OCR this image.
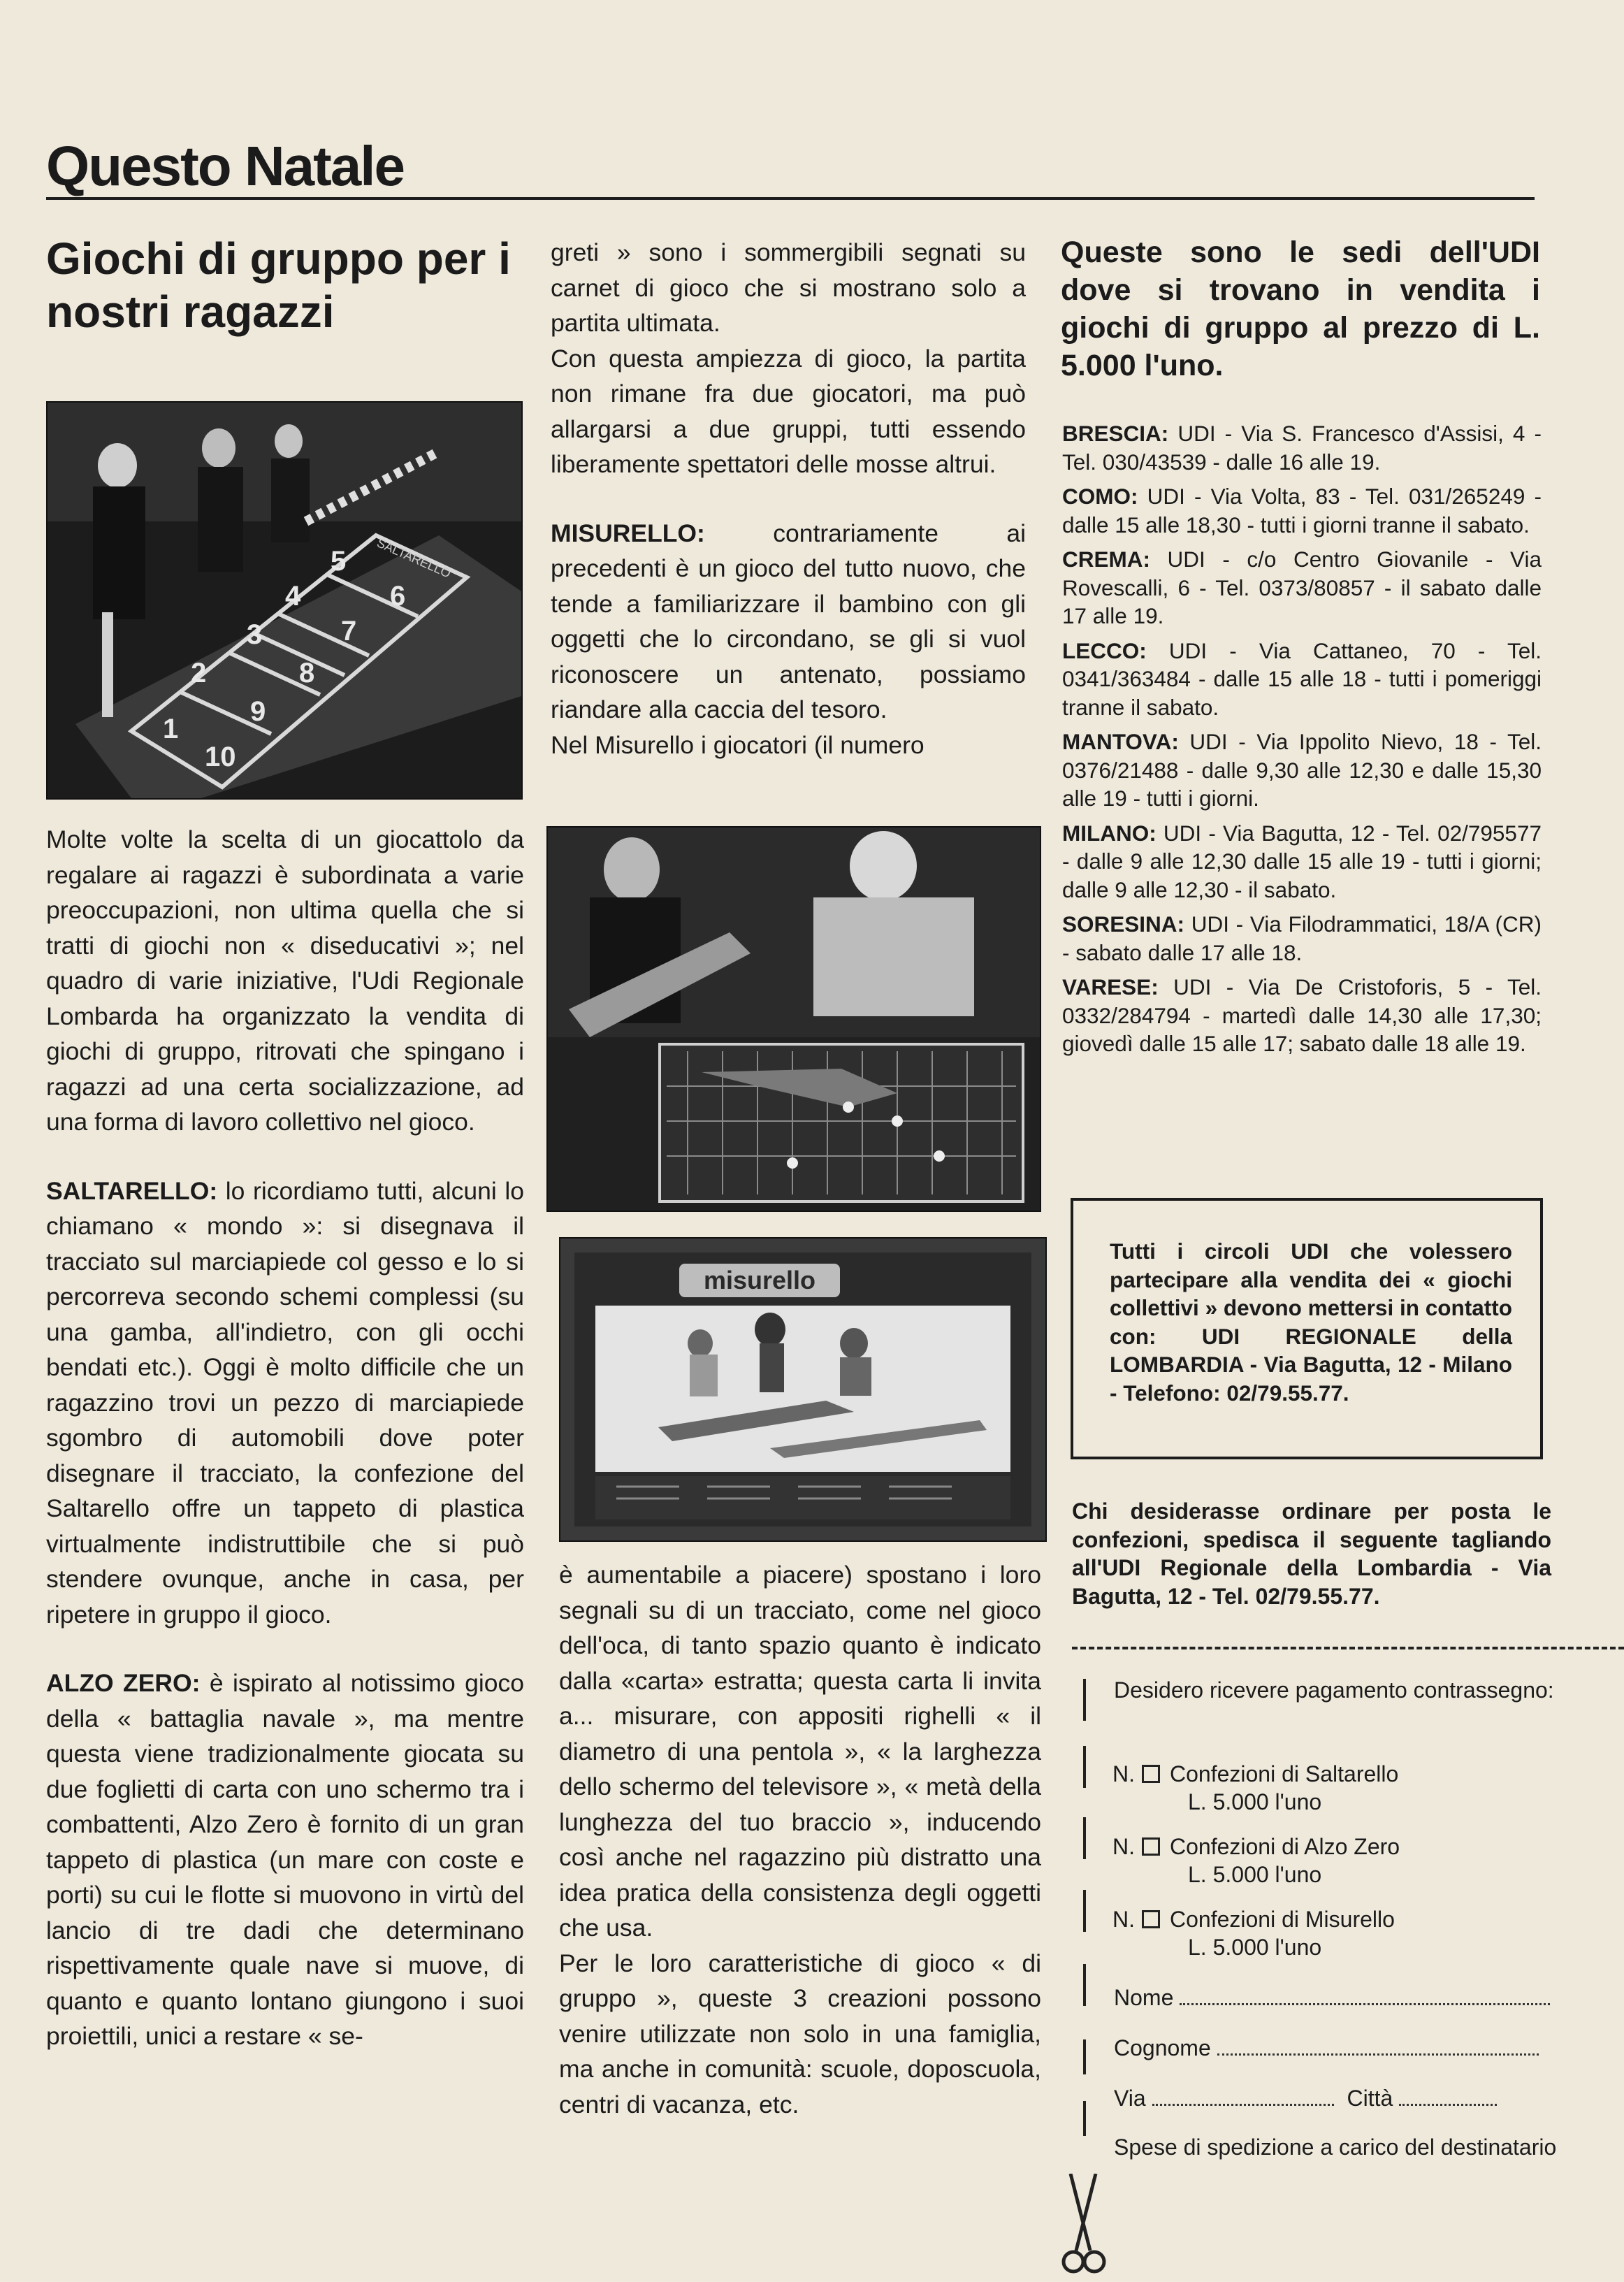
Questo Natale
Giochi di gruppo per i nostri ragazzi
1
2
3
4
5
6
7
8
9
10
SALTARELLO
misurello

Molte volte la scelta di un giocattolo da regalare ai ragazzi è subordinata a varie preoccupazioni, non ultima quella che si tratti di giochi non « diseducativi »; nel quadro di varie iniziative, l'Udi Regionale Lombarda ha organizzato la vendita di giochi di gruppo, ritrovati che spingano i ragazzi ad una certa socializzazione, ad una forma di lavoro collettivo nel gioco.

SALTARELLO: lo ricordiamo tutti, alcuni lo chiamano « mondo »: si disegnava il tracciato sul marciapiede col gesso e lo si percorreva secondo schemi complessi (su una gamba, all'indietro, con gli occhi bendati etc.). Oggi è molto difficile che un ragazzino trovi un pezzo di marciapiede sgombro di automobili dove poter disegnare il tracciato, la confezione del Saltarello offre un tappeto di plastica virtualmente indistruttibile che si può stendere ovunque, anche in casa, per ripetere in gruppo il gioco.

ALZO ZERO: è ispirato al notissimo gioco della « battaglia navale », ma mentre questa viene tradizionalmente giocata su due foglietti di carta con uno schermo tra i combattenti, Alzo Zero è fornito di un gran tappeto di plastica (un mare con coste e porti) su cui le flotte si muovono in virtù del lancio di tre dadi che determinano rispettivamente quale nave si muove, di quanto e quanto lontano giungono i suoi proiettili, unici a restare « se-

greti » sono i sommergibili segnati su carnet di gioco che si mostrano solo a partita ultimata.

Con questa ampiezza di gioco, la partita non rimane fra due giocatori, ma può allargarsi a due gruppi, tutti essendo liberamente spettatori delle mosse altrui.

MISURELLO: contrariamente ai precedenti è un gioco del tutto nuovo, che tende a familiarizzare il bambino con gli oggetti che lo circondano, se gli si vuol riconoscere un antenato, possiamo riandare alla caccia del tesoro.

Nel Misurello i giocatori (il numero

è aumentabile a piacere) spostano i loro segnali su di un tracciato, come nel gioco dell'oca, di tanto spazio quanto è indicato dalla «carta» estratta; questa carta li invita a... misurare, con appositi righelli « il diametro di una pentola », « la larghezza dello schermo del televisore », « metà della lunghezza del tuo braccio », inducendo così anche nel ragazzino più distratto una idea pratica della consistenza degli oggetti che usa.

Per le loro caratteristiche di gioco « di gruppo », queste 3 creazioni possono venire utilizzate non solo in una famiglia, ma anche in comunità: scuole, doposcuola, centri di vacanza, etc.

Queste sono le sedi dell'UDI dove si trovano in vendita i giochi di gruppo al prezzo di L. 5.000 l'uno.

BRESCIA: UDI - Via S. Francesco d'Assisi, 4 - Tel. 030/43539 - dalle 16 alle 19.

COMO: UDI - Via Volta, 83 - Tel. 031/265249 - dalle 15 alle 18,30 - tutti i giorni tranne il sabato.

CREMA: UDI - c/o Centro Giovanile - Via Rovescalli, 6 - Tel. 0373/80857 - il sabato dalle 17 alle 19.

LECCO: UDI - Via Cattaneo, 70 - Tel. 0341/363484 - dalle 15 alle 18 - tutti i pomeriggi tranne il sabato.

MANTOVA: UDI - Via Ippolito Nievo, 18 - Tel. 0376/21488 - dalle 9,30 alle 12,30 e dalle 15,30 alle 19 - tutti i giorni.

MILANO: UDI - Via Bagutta, 12 - Tel. 02/795577 - dalle 9 alle 12,30 dalle 15 alle 19 - tutti i giorni; dalle 9 alle 12,30 - il sabato.

SORESINA: UDI - Via Filodrammatici, 18/A (CR) - sabato dalle 17 alle 18.

VARESE: UDI - Via De Cristoforis, 5 - Tel. 0332/284794 - martedì dalle 14,30 alle 17,30; giovedì dalle 15 alle 17; sabato dalle 18 alle 19.

Tutti i circoli UDI che volessero partecipare alla vendita dei « giochi collettivi » devono mettersi in contatto con: UDI REGIONALE della LOMBARDIA - Via Bagutta, 12 - Milano - Telefono: 02/79.55.77.

Chi desiderasse ordinare per posta le confezioni, spedisca il seguente tagliando all'UDI Regionale della Lombardia - Via Bagutta, 12 - Tel. 02/79.55.77.

Desidero ricevere pagamento contrassegno:
N. Confezioni di Saltarello
L. 5.000 l'uno
N. Confezioni di Alzo Zero
L. 5.000 l'uno
N. Confezioni di Misurello
L. 5.000 l'uno
Nome
Cognome
Via	Città
Spese di spedizione a carico del destinatario
